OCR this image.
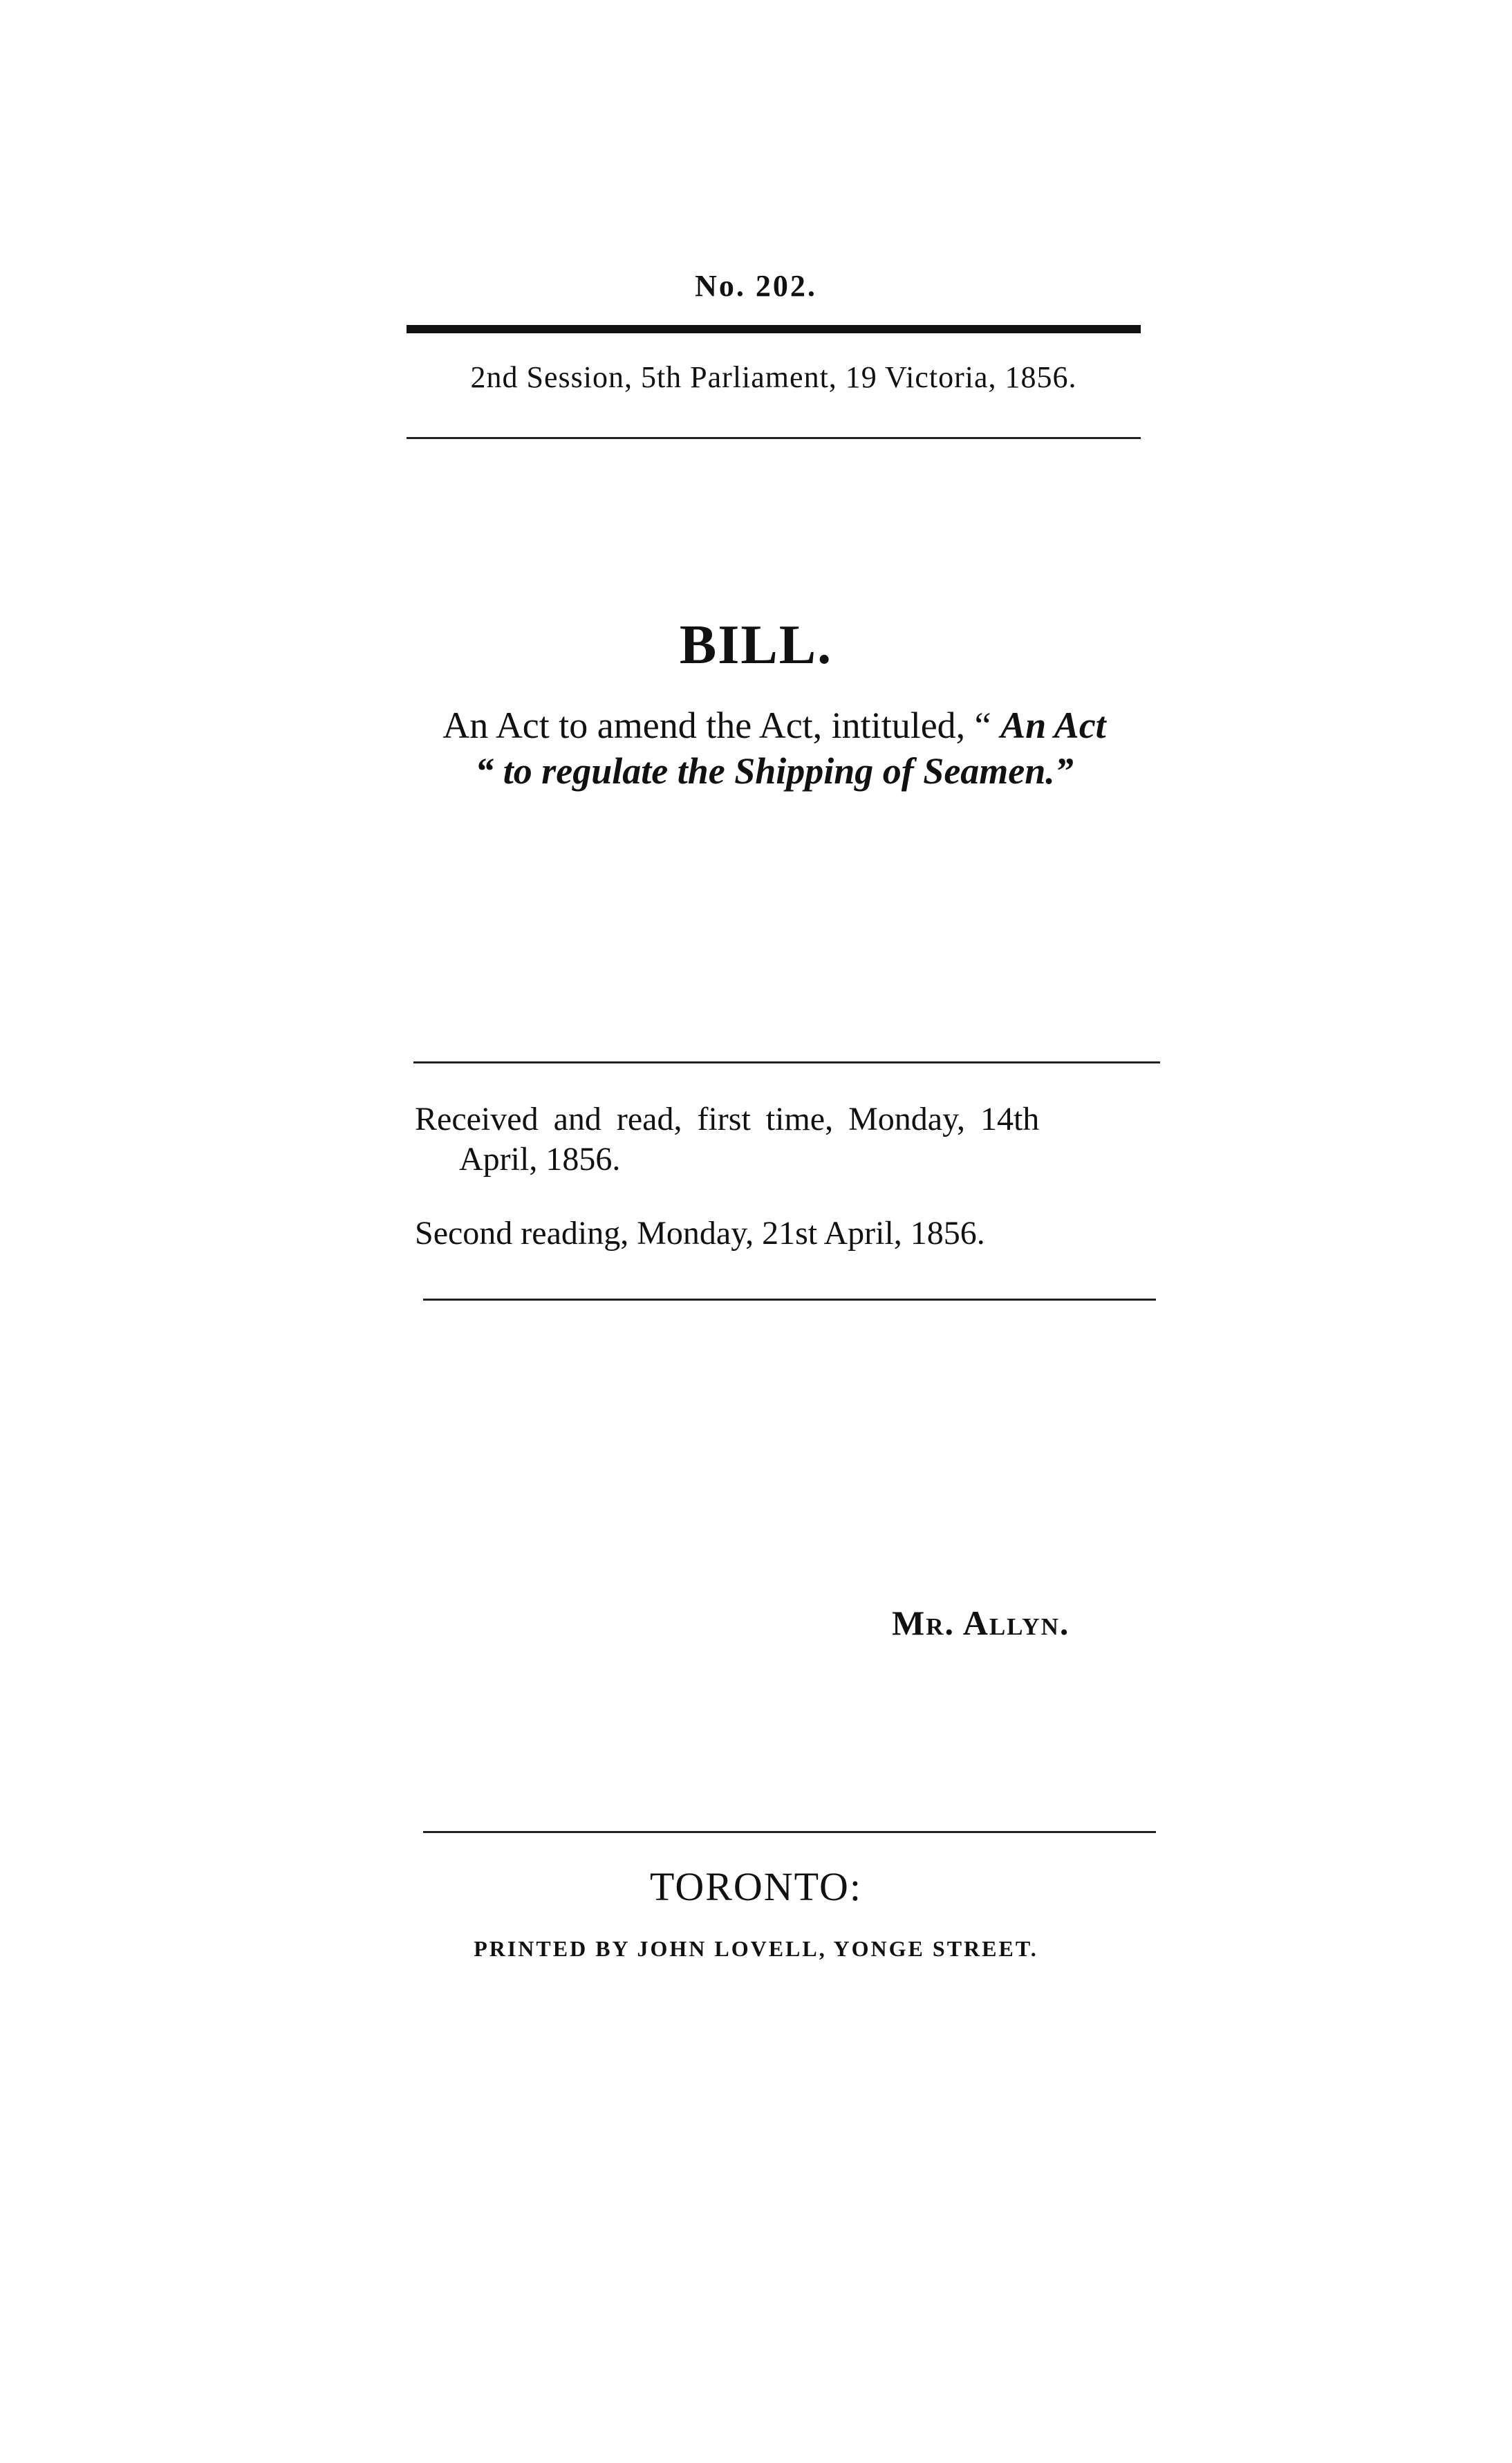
No. 202.
2nd Session, 5th Parliament, 19 Victoria, 1856.
BILL.
An Act to amend the Act, intituled, “ An Act
“ to regulate the Shipping of Seamen.”
Received and read, first time, Monday, 14th
April, 1856.
Second reading, Monday, 21st April, 1856.
Mr. Allyn.
TORONTO:
PRINTED BY JOHN LOVELL, YONGE STREET.
